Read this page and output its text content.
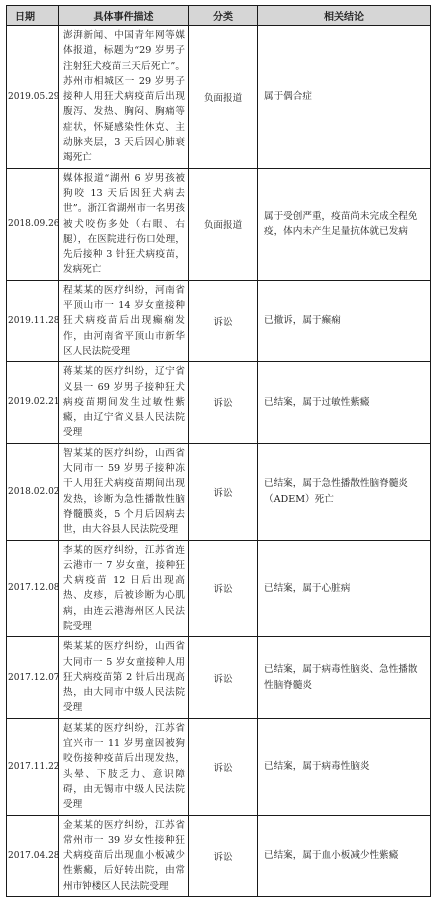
日期	具体事件描述	分类	相关结论
2019.05.29	澎湃新闻、中国青年网等媒体报道，标题为“29 岁男子注射狂犬疫苗三天后死亡”。苏州市相城区一 29 岁男子接种人用狂犬病疫苗后出现腹泻、发热、胸闷、胸痛等症状，怀疑感染性休克、主动脉夹层，3 天后因心肺衰竭死亡	负面报道	属于偶合症
2018.09.26	媒体报道“湖州 6 岁男孩被狗咬 13 天后因狂犬病去世”。浙江省湖州市一名男孩被犬咬伤多处（右眼、右腿），在医院进行伤口处理，先后接种 3 针狂犬病疫苗，发病死亡	负面报道	属于受创严重，疫苗尚未完成全程免疫，体内未产生足量抗体就已发病
2019.11.28	程某某的医疗纠纷，河南省平顶山市一 14 岁女童接种狂犬病疫苗后出现癫痫发作，由河南省平顶山市新华区人民法院受理	诉讼	已撤诉，属于癫痫
2019.02.21	蒋某某的医疗纠纷，辽宁省义县一 69 岁男子接种狂犬病疫苗期间发生过敏性紫癜，由辽宁省义县人民法院受理	诉讼	已结案，属于过敏性紫癜
2018.02.02	智某某的医疗纠纷，山西省大同市一 59 岁男子接种冻干人用狂犬病疫苗期间出现发热，诊断为急性播散性脑脊髓膜炎，5 个月后因病去世，由大谷县人民法院受理	诉讼	已结案，属于急性播散性脑脊髓炎（ADEM）死亡
2017.12.08	李某的医疗纠纷，江苏省连云港市一 7 岁女童，接种狂犬病疫苗 12 日后出现高热、皮疹，后被诊断为心肌病，由连云港海州区人民法院受理	诉讼	已结案，属于心脏病
2017.12.07	柴某某的医疗纠纷，山西省大同市一 5 岁女童接种人用狂犬病疫苗第 2 针后出现高热，由大同市中级人民法院受理	诉讼	已结案，属于病毒性脑炎、急性播散性脑脊髓炎
2017.11.22	赵某某的医疗纠纷，江苏省宜兴市一 11 岁男童因被狗咬伤接种疫苗后出现发热，头晕、下肢乏力、意识障碍，由无锡市中级人民法院受理	诉讼	已结案，属于病毒性脑炎
2017.04.28	金某某的医疗纠纷，江苏省常州市一 39 岁女性接种狂犬病疫苗后出现血小板减少性紫癜，后好转出院，由常州市钟楼区人民法院受理	诉讼	已结案，属于血小板减少性紫癜
